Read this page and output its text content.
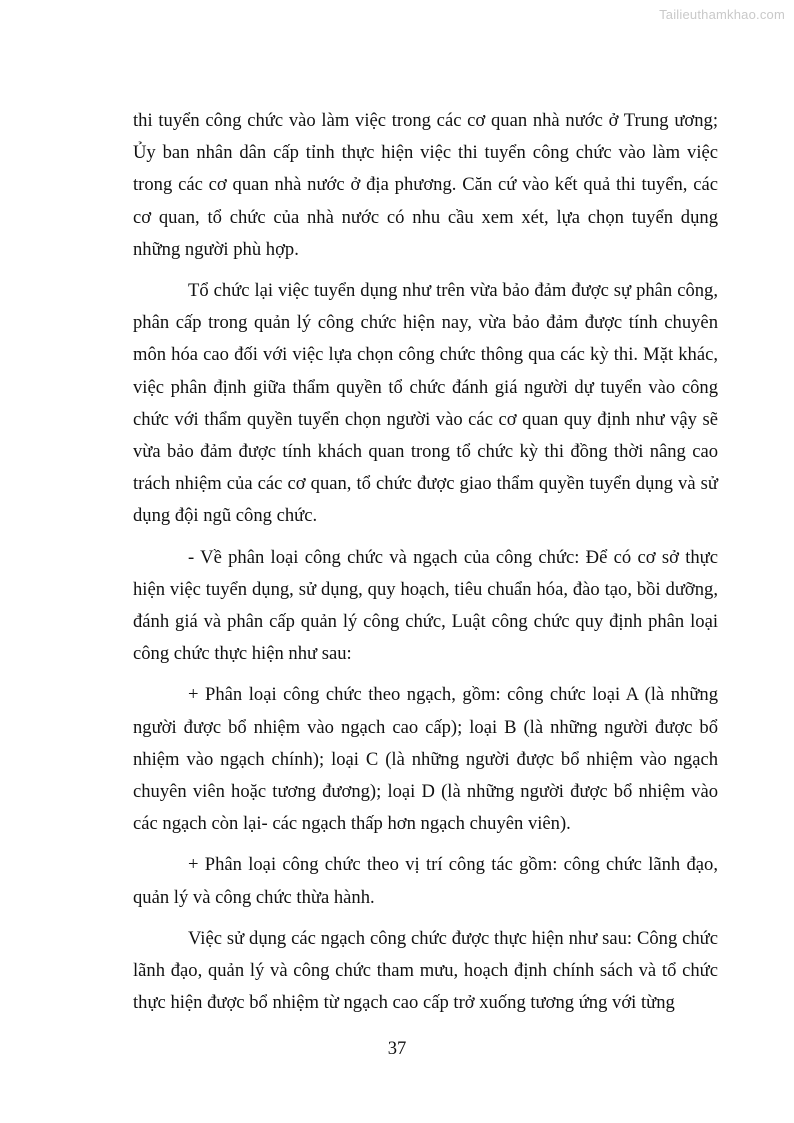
Tailieuthamkhao.com

thi tuyển công chức vào làm việc trong các cơ quan nhà nước ở Trung ương; Ủy ban nhân dân cấp tỉnh thực hiện việc thi tuyển công chức vào làm việc trong các cơ quan nhà nước ở địa phương. Căn cứ vào kết quả thi tuyển, các cơ quan, tổ chức của nhà nước có nhu cầu xem xét, lựa chọn tuyển dụng những người phù hợp.

Tổ chức lại việc tuyển dụng như trên vừa bảo đảm được sự phân công, phân cấp trong quản lý công chức hiện nay, vừa bảo đảm được tính chuyên môn hóa cao đối với việc lựa chọn công chức thông qua các kỳ thi. Mặt khác, việc phân định giữa thẩm quyền tổ chức đánh giá người dự tuyển vào công chức với thẩm quyền tuyển chọn người vào các cơ quan quy định như vậy sẽ vừa bảo đảm được tính khách quan trong tổ chức kỳ thi đồng thời nâng cao trách nhiệm của các cơ quan, tổ chức được giao thẩm quyền tuyển dụng và sử dụng đội ngũ công chức.

- Về phân loại công chức và ngạch của công chức: Để có cơ sở thực hiện việc tuyển dụng, sử dụng, quy hoạch, tiêu chuẩn hóa, đào tạo, bồi dưỡng, đánh giá và phân cấp quản lý công chức, Luật công chức quy định phân loại công chức thực hiện như sau:

+ Phân loại công chức theo ngạch, gồm: công chức loại A (là những người được bổ nhiệm vào ngạch cao cấp); loại B (là những người được bổ nhiệm vào ngạch chính); loại C (là những người được bổ nhiệm vào ngạch chuyên viên hoặc tương đương); loại D (là những người được bổ nhiệm vào các ngạch còn lại- các ngạch thấp hơn ngạch chuyên viên).

+ Phân loại công chức theo vị trí công tác gồm: công chức lãnh đạo, quản lý và công chức thừa hành.

Việc sử dụng các ngạch công chức được thực hiện như sau: Công chức lãnh đạo, quản lý và công chức tham mưu, hoạch định chính sách và tổ chức thực hiện được bổ nhiệm từ ngạch cao cấp trở xuống tương ứng với từng

37
